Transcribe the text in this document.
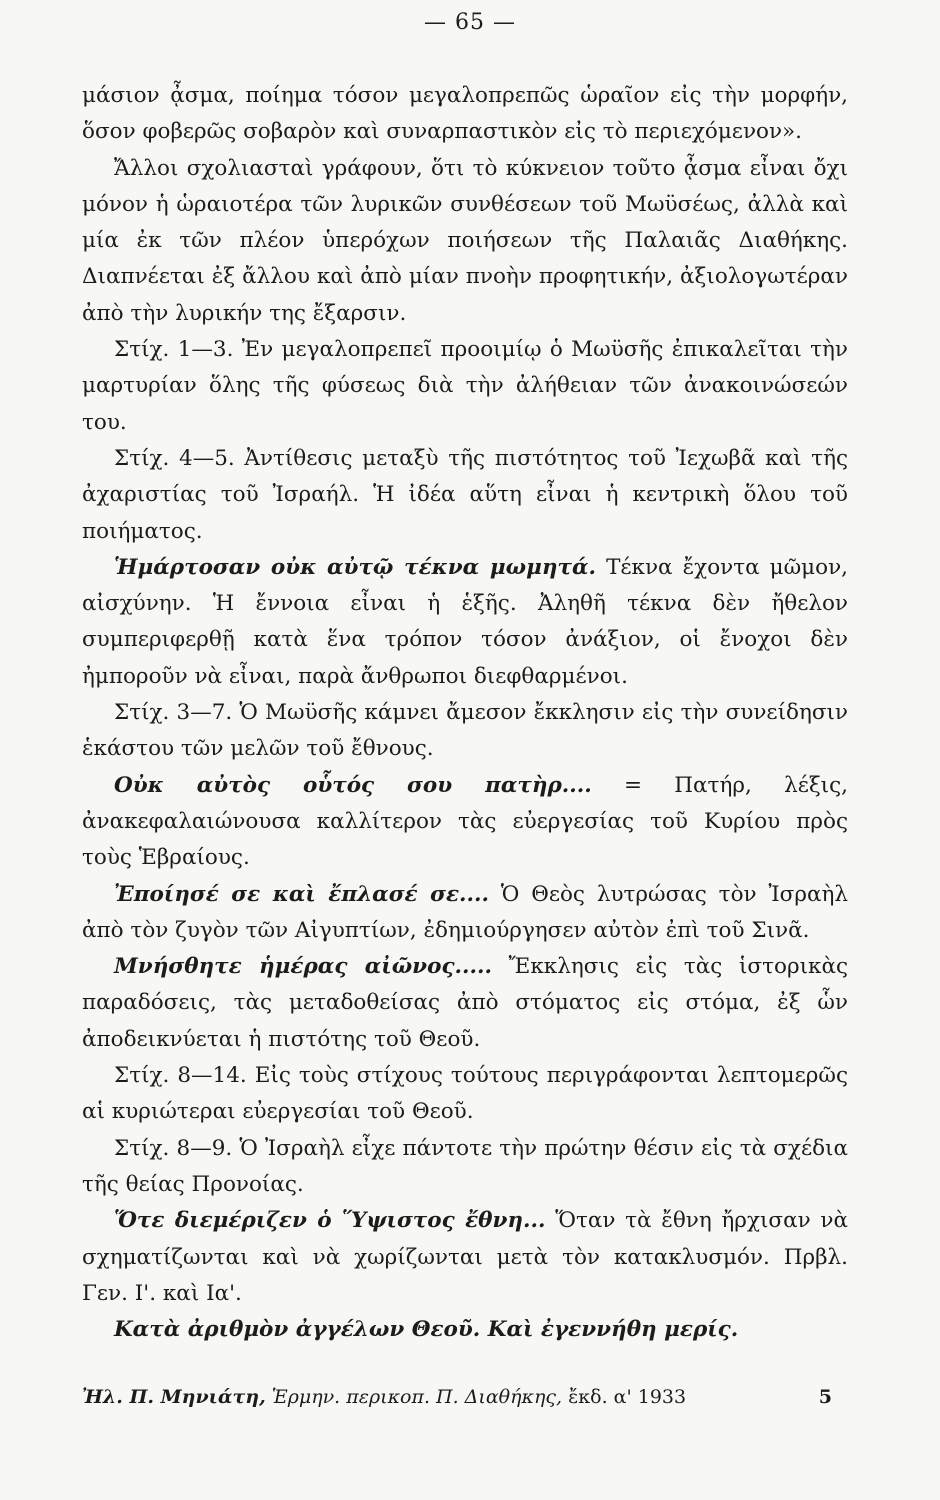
— 65 —

μάσιον ᾆσμα, ποίημα τόσον μεγαλοπρεπῶς ὡραῖον εἰς τὴν μορφήν, ὅσον φοβερῶς σοβαρὸν καὶ συναρπαστικὸν εἰς τὸ περιεχόμενον».

Ἄλλοι σχολιασταὶ γράφουν, ὅτι τὸ κύκνειον τοῦτο ᾆσμα εἶναι ὄχι μόνον ἡ ὡραιοτέρα τῶν λυρικῶν συνθέσεων τοῦ Μωϋσέως, ἀλλὰ καὶ μία ἐκ τῶν πλέον ὑπερόχων ποιήσεων τῆς Παλαιᾶς Διαθήκης. Διαπνέεται ἐξ ἄλλου καὶ ἀπὸ μίαν πνοὴν προφητικήν, ἀξιολογωτέραν ἀπὸ τὴν λυρικήν της ἔξαρσιν.

Στίχ. 1—3. Ἐν μεγαλοπρεπεῖ προοιμίῳ ὁ Μωϋσῆς ἐπικαλεῖται τὴν μαρτυρίαν ὅλης τῆς φύσεως διὰ τὴν ἀλήθειαν τῶν ἀνακοινώσεών του.

Στίχ. 4—5. Ἀντίθεσις μεταξὺ τῆς πιστότητος τοῦ Ἰεχωβᾶ καὶ τῆς ἀχαριστίας τοῦ Ἰσραήλ. Ἡ ἰδέα αὕτη εἶναι ἡ κεντρικὴ ὅλου τοῦ ποιήματος.

Ἡμάρτοσαν οὐκ αὐτῷ τέκνα μωμητά. Τέκνα ἔχοντα μῶμον, αἰσχύνην. Ἡ ἔννοια εἶναι ἡ ἑξῆς. Ἀληθῆ τέκνα δὲν ἤθελον συμπεριφερθῇ κατὰ ἕνα τρόπον τόσον ἀνάξιον, οἱ ἔνοχοι δὲν ἠμποροῦν νὰ εἶναι, παρὰ ἄνθρωποι διεφθαρμένοι.

Στίχ. 3—7. Ὁ Μωϋσῆς κάμνει ἄμεσον ἔκκλησιν εἰς τὴν συνείδησιν ἑκάστου τῶν μελῶν τοῦ ἔθνους.

Οὐκ αὐτὸς οὗτός σου πατὴρ.... = Πατήρ, λέξις, ἀνακεφαλαιώνουσα καλλίτερον τὰς εὐεργεσίας τοῦ Κυρίου πρὸς τοὺς Ἑβραίους.

Ἐποίησέ σε καὶ ἔπλασέ σε.... Ὁ Θεὸς λυτρώσας τὸν Ἰσραὴλ ἀπὸ τὸν ζυγὸν τῶν Αἰγυπτίων, ἐδημιούργησεν αὐτὸν ἐπὶ τοῦ Σινᾶ.

Μνήσθητε ἡμέρας αἰῶνος..... Ἔκκλησις εἰς τὰς ἱστορικὰς παραδόσεις, τὰς μεταδοθείσας ἀπὸ στόματος εἰς στόμα, ἐξ ὧν ἀποδεικνύεται ἡ πιστότης τοῦ Θεοῦ.

Στίχ. 8—14. Εἰς τοὺς στίχους τούτους περιγράφονται λεπτομερῶς αἱ κυριώτεραι εὐεργεσίαι τοῦ Θεοῦ.

Στίχ. 8—9. Ὁ Ἰσραὴλ εἶχε πάντοτε τὴν πρώτην θέσιν εἰς τὰ σχέδια τῆς θείας Προνοίας.

Ὅτε διεμέριζεν ὁ Ὕψιστος ἔθνη... Ὅταν τὰ ἔθνη ἤρχισαν νὰ σχηματίζωνται καὶ νὰ χωρίζωνται μετὰ τὸν κατακλυσμόν. Πρβλ. Γεν. Ι'. καὶ Ια'.

Κατὰ ἀριθμὸν ἀγγέλων Θεοῦ. Καὶ ἐγεννήθη μερίς.

Ἠλ. Π. Μηνιάτη, Ἑρμην. περικοπ. Π. Διαθήκης, ἔκδ. α' 1933	5
